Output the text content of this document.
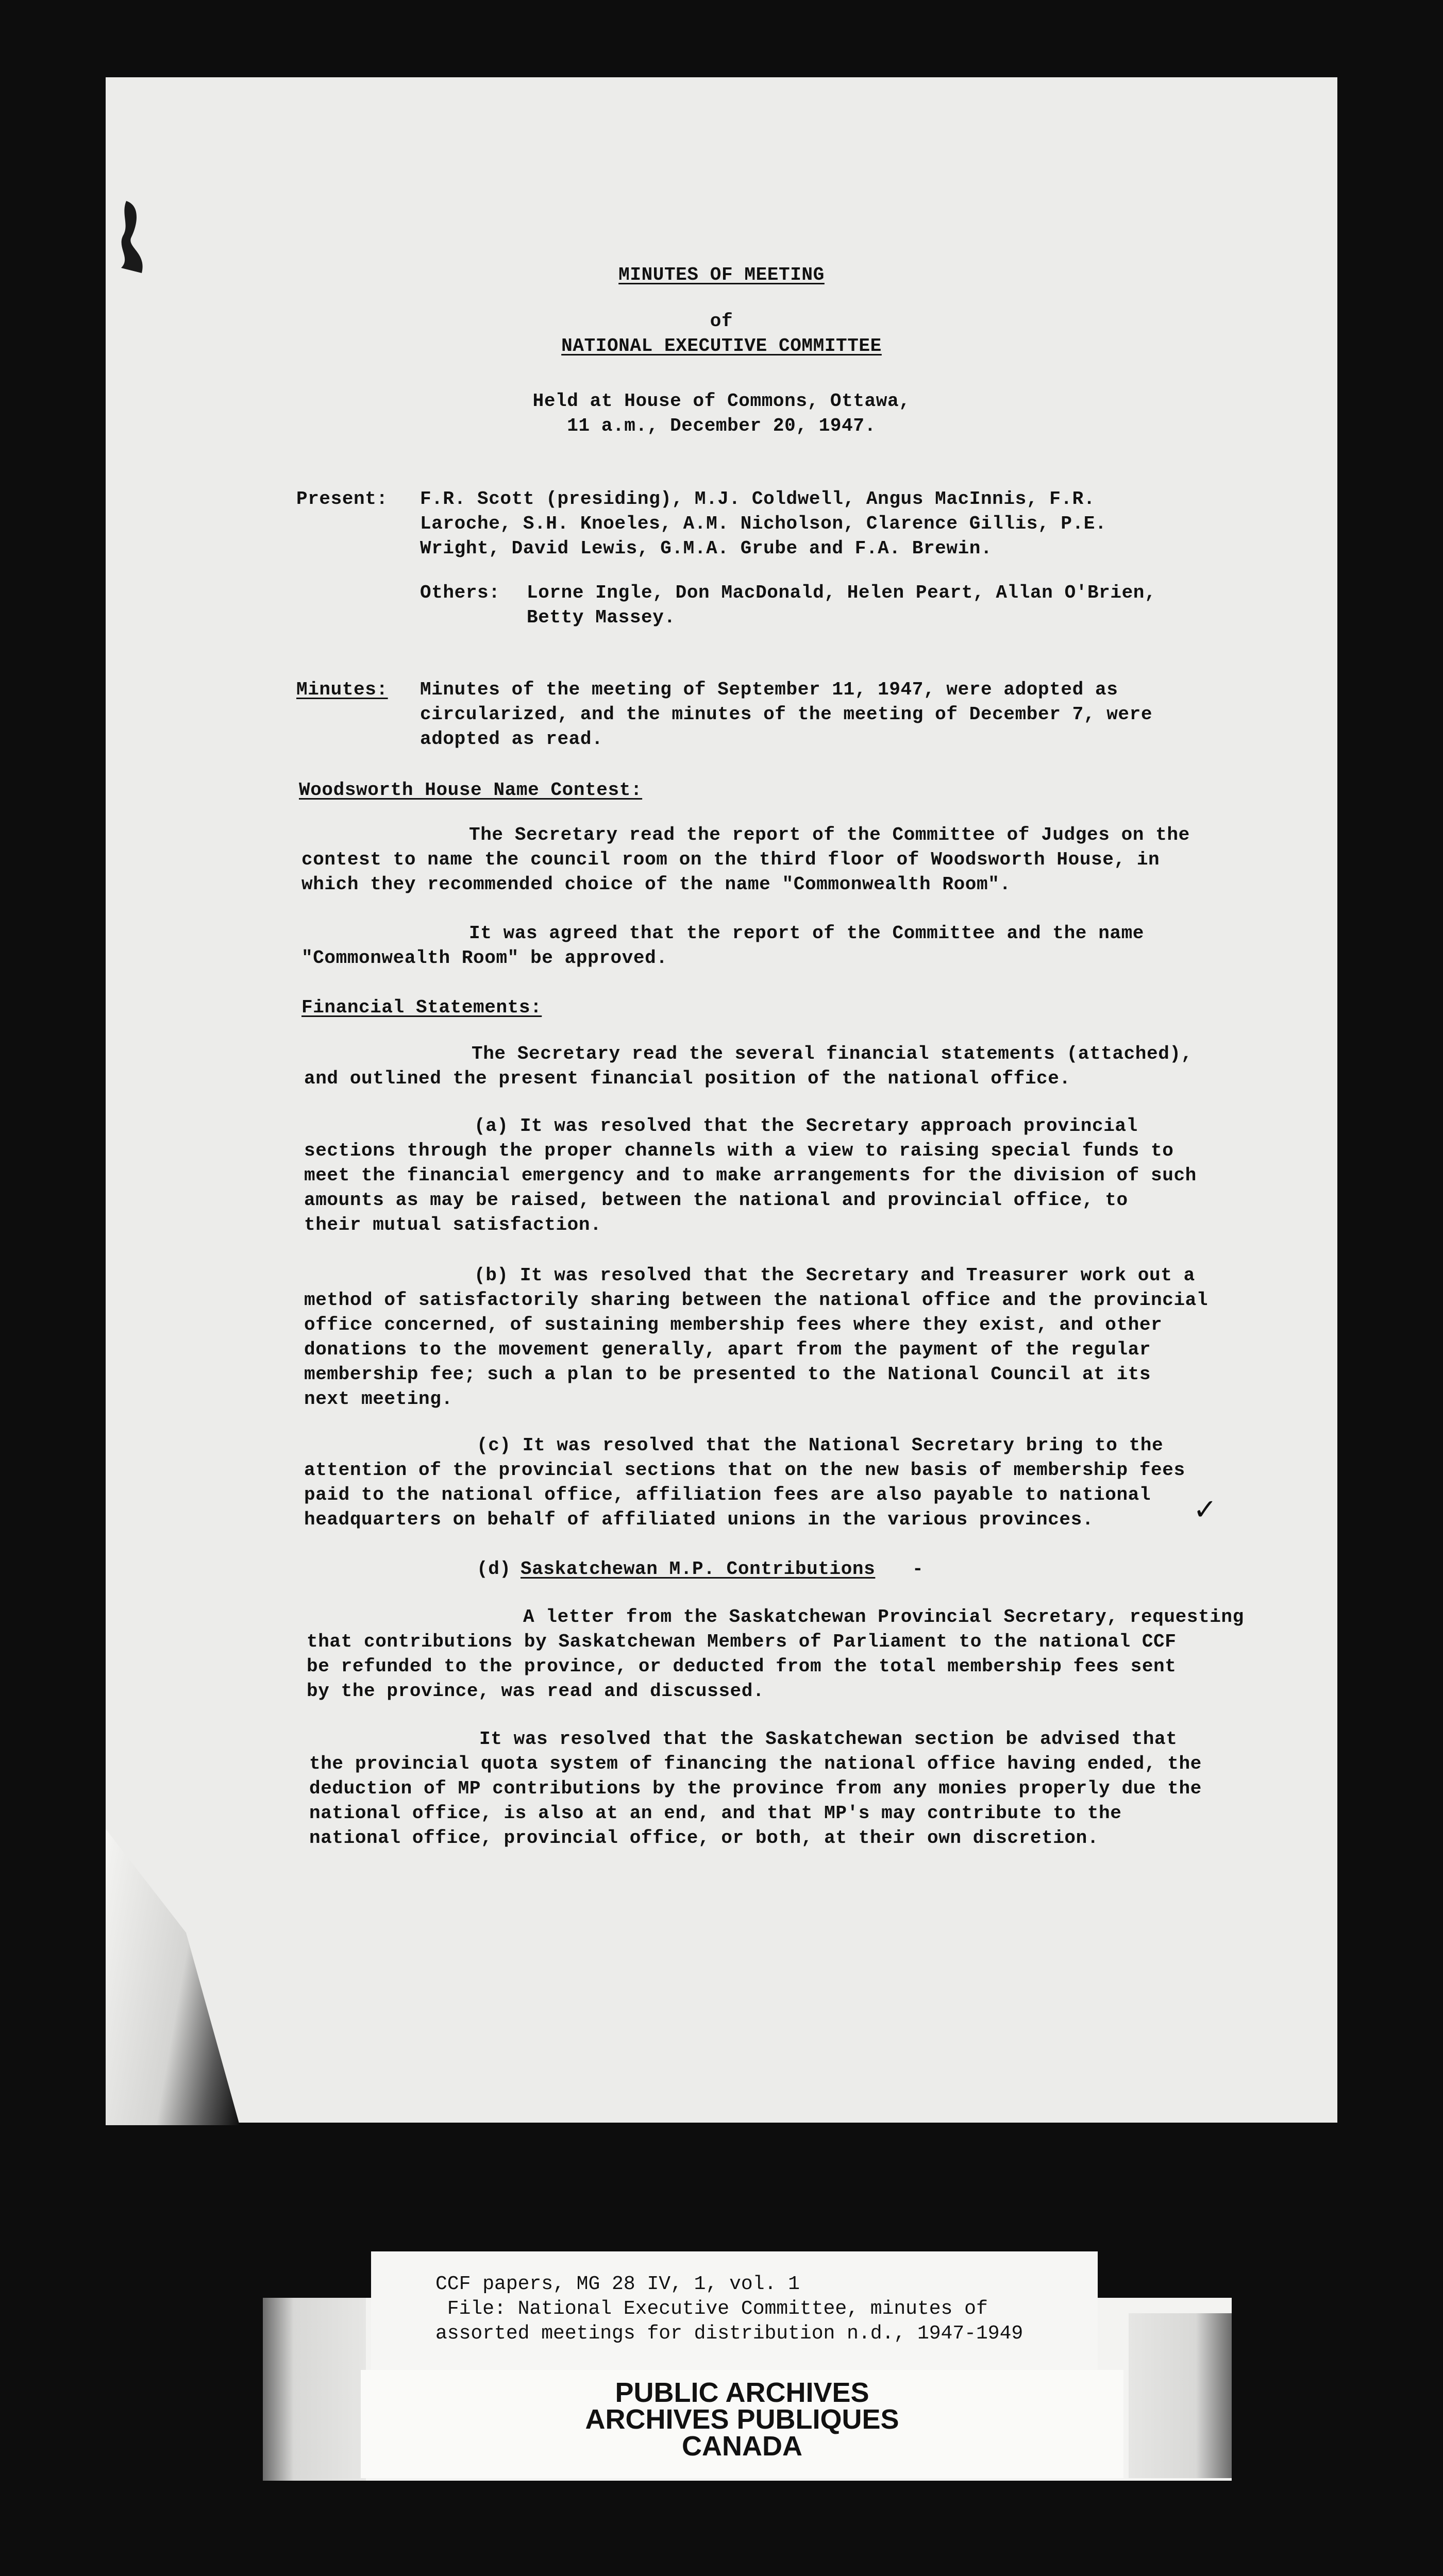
MINUTES OF MEETING
of
NATIONAL EXECUTIVE COMMITTEE
Held at House of Commons, Ottawa,
11 a.m., December 20, 1947.
Present: F.R. Scott (presiding), M.J. Coldwell, Angus MacInnis, F.R.
Laroche, S.H. Knoeles, A.M. Nicholson, Clarence Gillis, P.E.
Wright, David Lewis, G.M.A. Grube and F.A. Brewin.
Others: Lorne Ingle, Don MacDonald, Helen Peart, Allan O'Brien,
Betty Massey.
Minutes: Minutes of the meeting of September 11, 1947, were adopted as
circularized, and the minutes of the meeting of December 7, were
adopted as read.
Woodsworth House Name Contest:
The Secretary read the report of the Committee of Judges on the
contest to name the council room on the third floor of Woodsworth House, in
which they recommended choice of the name "Commonwealth Room".
It was agreed that the report of the Committee and the name
"Commonwealth Room" be approved.
Financial Statements:
The Secretary read the several financial statements (attached),
and outlined the present financial position of the national office.
(a) It was resolved that the Secretary approach provincial
sections through the proper channels with a view to raising special funds to
meet the financial emergency and to make arrangements for the division of such
amounts as may be raised, between the national and provincial office, to
their mutual satisfaction.
(b) It was resolved that the Secretary and Treasurer work out a
method of satisfactorily sharing between the national office and the provincial
office concerned, of sustaining membership fees where they exist, and other
donations to the movement generally, apart from the payment of the regular
membership fee; such a plan to be presented to the National Council at its
next meeting.
(c) It was resolved that the National Secretary bring to the
attention of the provincial sections that on the new basis of membership fees
paid to the national office, affiliation fees are also payable to national
headquarters on behalf of affiliated unions in the various provinces.	✓
(d) Saskatchewan M.P. Contributions -
A letter from the Saskatchewan Provincial Secretary, requesting
that contributions by Saskatchewan Members of Parliament to the national CCF
be refunded to the province, or deducted from the total membership fees sent
by the province, was read and discussed.
It was resolved that the Saskatchewan section be advised that
the provincial quota system of financing the national office having ended, the
deduction of MP contributions by the province from any monies properly due the
national office, is also at an end, and that MP's may contribute to the
national office, provincial office, or both, at their own discretion.
CCF papers, MG 28 IV, 1, vol. 1
File: National Executive Committee, minutes of
assorted meetings for distribution n.d., 1947-1949
PUBLIC ARCHIVES
ARCHIVES PUBLIQUES
CANADA
